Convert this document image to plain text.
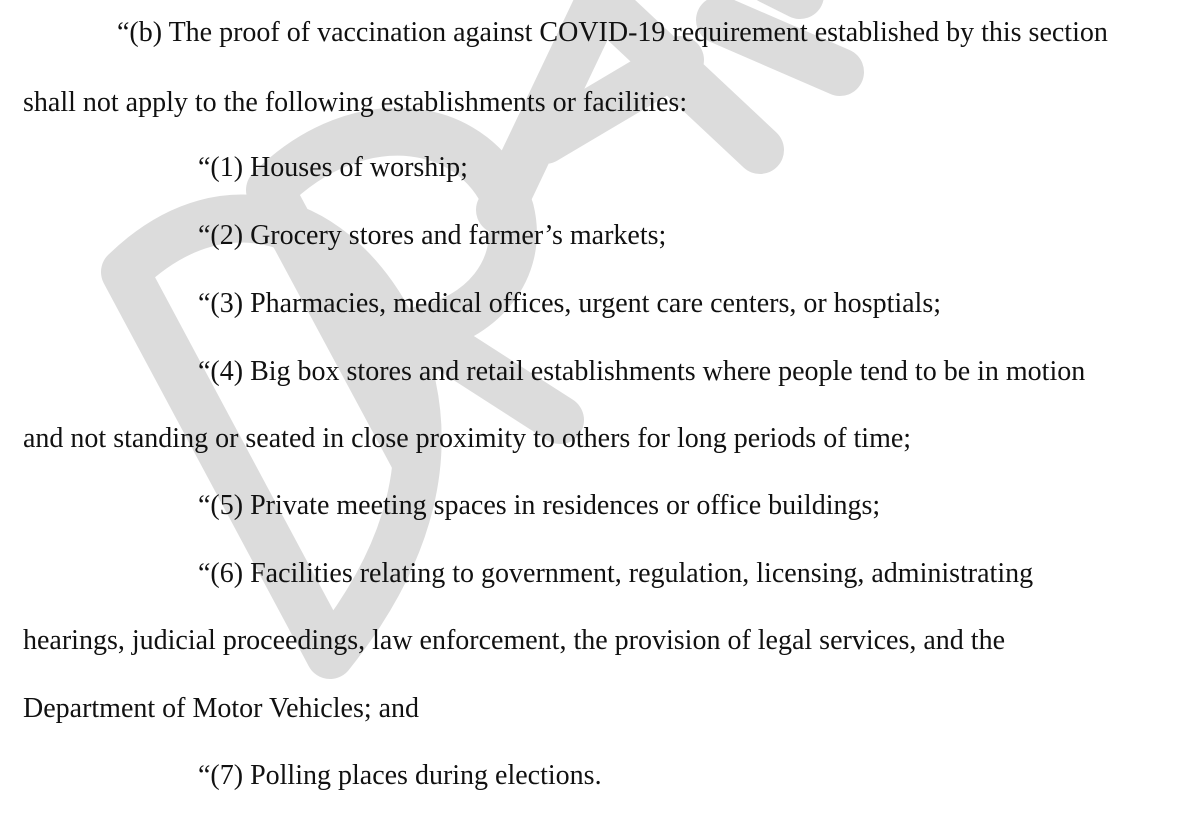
“(b) The proof of vaccination against COVID-19 requirement established by this section
shall not apply to the following establishments or facilities:
“(1) Houses of worship;
“(2) Grocery stores and farmer’s markets;
“(3) Pharmacies, medical offices, urgent care centers, or hosptials;
“(4) Big box stores and retail establishments where people tend to be in motion
and not standing or seated in close proximity to others for long periods of time;
“(5) Private meeting spaces in residences or office buildings;
“(6) Facilities relating to government, regulation, licensing, administrating
hearings, judicial proceedings, law enforcement, the provision of legal services, and the
Department of Motor Vehicles; and
“(7) Polling places during elections.
